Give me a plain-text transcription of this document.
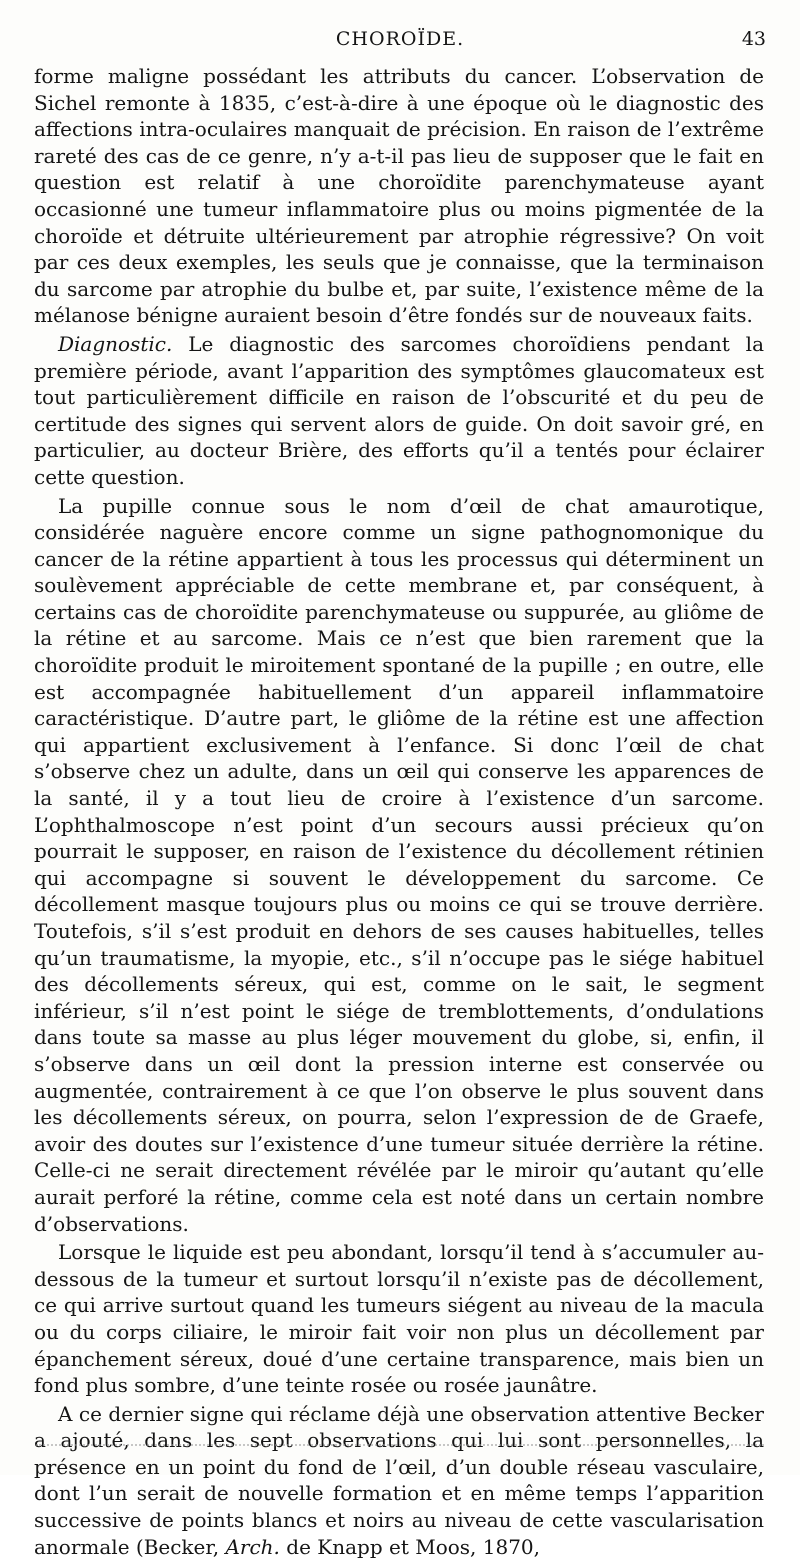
CHOROÏDE.	43

forme maligne possédant les attributs du cancer. L’observation de Sichel remonte à 1835, c’est-à-dire à une époque où le diagnostic des affections intra-oculaires manquait de précision. En raison de l’extrême rareté des cas de ce genre, n’y a-t-il pas lieu de supposer que le fait en question est relatif à une choroïdite parenchymateuse ayant occasionné une tumeur inflammatoire plus ou moins pigmentée de la choroïde et détruite ultérieurement par atrophie régressive? On voit par ces deux exemples, les seuls que je connaisse, que la terminaison du sarcome par atrophie du bulbe et, par suite, l’existence même de la mélanose bénigne auraient besoin d’être fondés sur de nouveaux faits.

Diagnostic. Le diagnostic des sarcomes choroïdiens pendant la première période, avant l’apparition des symptômes glaucomateux est tout particulièrement difficile en raison de l’obscurité et du peu de certitude des signes qui servent alors de guide. On doit savoir gré, en particulier, au docteur Brière, des efforts qu’il a tentés pour éclairer cette question.

La pupille connue sous le nom d’œil de chat amaurotique, considérée naguère encore comme un signe pathognomonique du cancer de la rétine appartient à tous les processus qui déterminent un soulèvement appréciable de cette membrane et, par conséquent, à certains cas de choroïdite parenchymateuse ou suppurée, au gliôme de la rétine et au sarcome. Mais ce n’est que bien rarement que la choroïdite produit le miroitement spontané de la pupille ; en outre, elle est accompagnée habituellement d’un appareil inflammatoire caractéristique. D’autre part, le gliôme de la rétine est une affection qui appartient exclusivement à l’enfance. Si donc l’œil de chat s’observe chez un adulte, dans un œil qui conserve les apparences de la santé, il y a tout lieu de croire à l’existence d’un sarcome. L’ophthalmoscope n’est point d’un secours aussi précieux qu’on pourrait le supposer, en raison de l’existence du décollement rétinien qui accompagne si souvent le développement du sarcome. Ce décollement masque toujours plus ou moins ce qui se trouve derrière. Toutefois, s’il s’est produit en dehors de ses causes habituelles, telles qu’un traumatisme, la myopie, etc., s’il n’occupe pas le siége habituel des décollements séreux, qui est, comme on le sait, le segment inférieur, s’il n’est point le siége de tremblottements, d’ondulations dans toute sa masse au plus léger mouvement du globe, si, enfin, il s’observe dans un œil dont la pression interne est conservée ou augmentée, contrairement à ce que l’on observe le plus souvent dans les décollements séreux, on pourra, selon l’expression de de Graefe, avoir des doutes sur l’existence d’une tumeur située derrière la rétine. Celle-ci ne serait directement révélée par le miroir qu’autant qu’elle aurait perforé la rétine, comme cela est noté dans un certain nombre d’observations.

Lorsque le liquide est peu abondant, lorsqu’il tend à s’accumuler au-dessous de la tumeur et surtout lorsqu’il n’existe pas de décollement, ce qui arrive surtout quand les tumeurs siégent au niveau de la macula ou du corps ciliaire, le miroir fait voir non plus un décollement par épanchement séreux, doué d’une certaine transparence, mais bien un fond plus sombre, d’une teinte rosée ou rosée jaunâtre.

A ce dernier signe qui réclame déjà une observation attentive Becker a ajouté, dans les sept observations qui lui sont personnelles, la présence en un point du fond de l’œil, d’un double réseau vasculaire, dont l’un serait de nouvelle formation et en même temps l’apparition successive de points blancs et noirs au niveau de cette vascularisation anormale (Becker, Arch. de Knapp et Moos, 1870,
